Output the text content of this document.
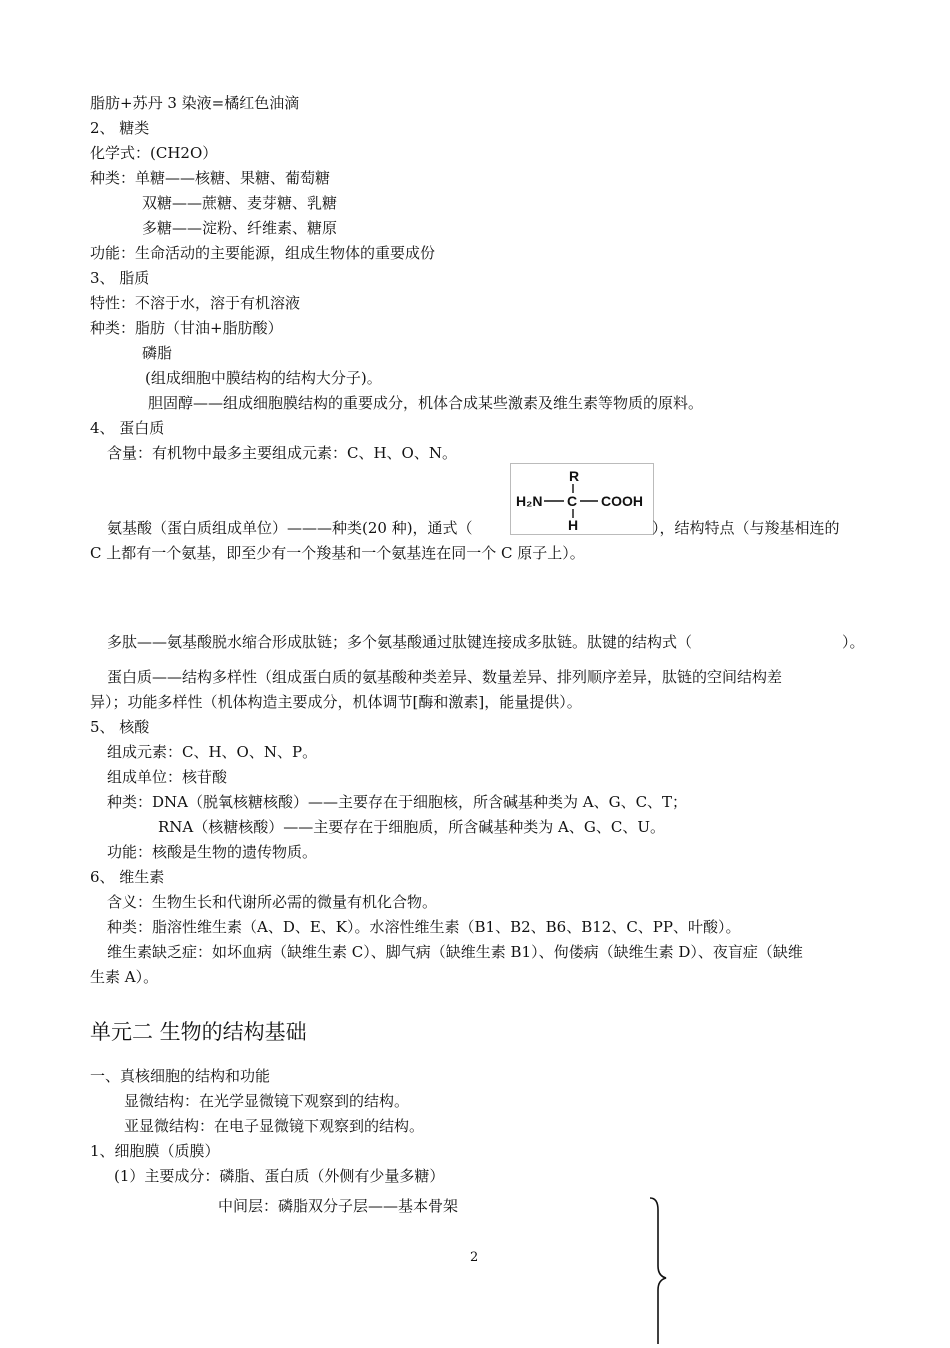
脂肪+苏丹 3 染液=橘红色油滴
2、 糖类
化学式：(CH2O）
种类：单糖——核糖、果糖、葡萄糖
双糖——蔗糖、麦芽糖、乳糖
多糖——淀粉、纤维素、糖原
功能：生命活动的主要能源，组成生物体的重要成份
3、 脂质
特性：不溶于水，溶于有机溶液
种类：脂肪（甘油+脂肪酸）
磷脂
(组成细胞中膜结构的结构大分子)。
胆固醇——组成细胞膜结构的重要成分，机体合成某些激素及维生素等物质的原料。
4、 蛋白质
含量：有机物中最多主要组成元素：C、H、O、N。
R
H₂N C COOH
H
氨基酸（蛋白质组成单位）———种类(20 种)，通式（	），结构特点（与羧基相连的
C 上都有一个氨基，即至少有一个羧基和一个氨基连在同一个 C 原子上）。
多肽——氨基酸脱水缩合形成肽链；多个氨基酸通过肽键连接成多肽链。肽键的结构式（	）。
蛋白质——结构多样性（组成蛋白质的氨基酸种类差异、数量差异、排列顺序差异，肽链的空间结构差
异）；功能多样性（机体构造主要成分，机体调节[酶和激素]，能量提供）。
5、 核酸
组成元素：C、H、O、N、P。
组成单位：核苷酸
种类：DNA（脱氧核糖核酸）——主要存在于细胞核，所含碱基种类为 A、G、C、T；
RNA（核糖核酸）——主要存在于细胞质，所含碱基种类为 A、G、C、U。
功能：核酸是生物的遗传物质。
6、 维生素
含义：生物生长和代谢所必需的微量有机化合物。
种类：脂溶性维生素（A、D、E、K）。水溶性维生素（B1、B2、B6、B12、C、PP、叶酸）。
维生素缺乏症：如坏血病（缺维生素 C）、脚气病（缺维生素 B1）、佝偻病（缺维生素 D）、夜盲症（缺维
生素 A）。
单元二 生物的结构基础
一、真核细胞的结构和功能
显微结构：在光学显微镜下观察到的结构。
亚显微结构：在电子显微镜下观察到的结构。
1、细胞膜（质膜）
(1）主要成分：磷脂、蛋白质（外侧有少量多糖）
中间层：磷脂双分子层——基本骨架
2
